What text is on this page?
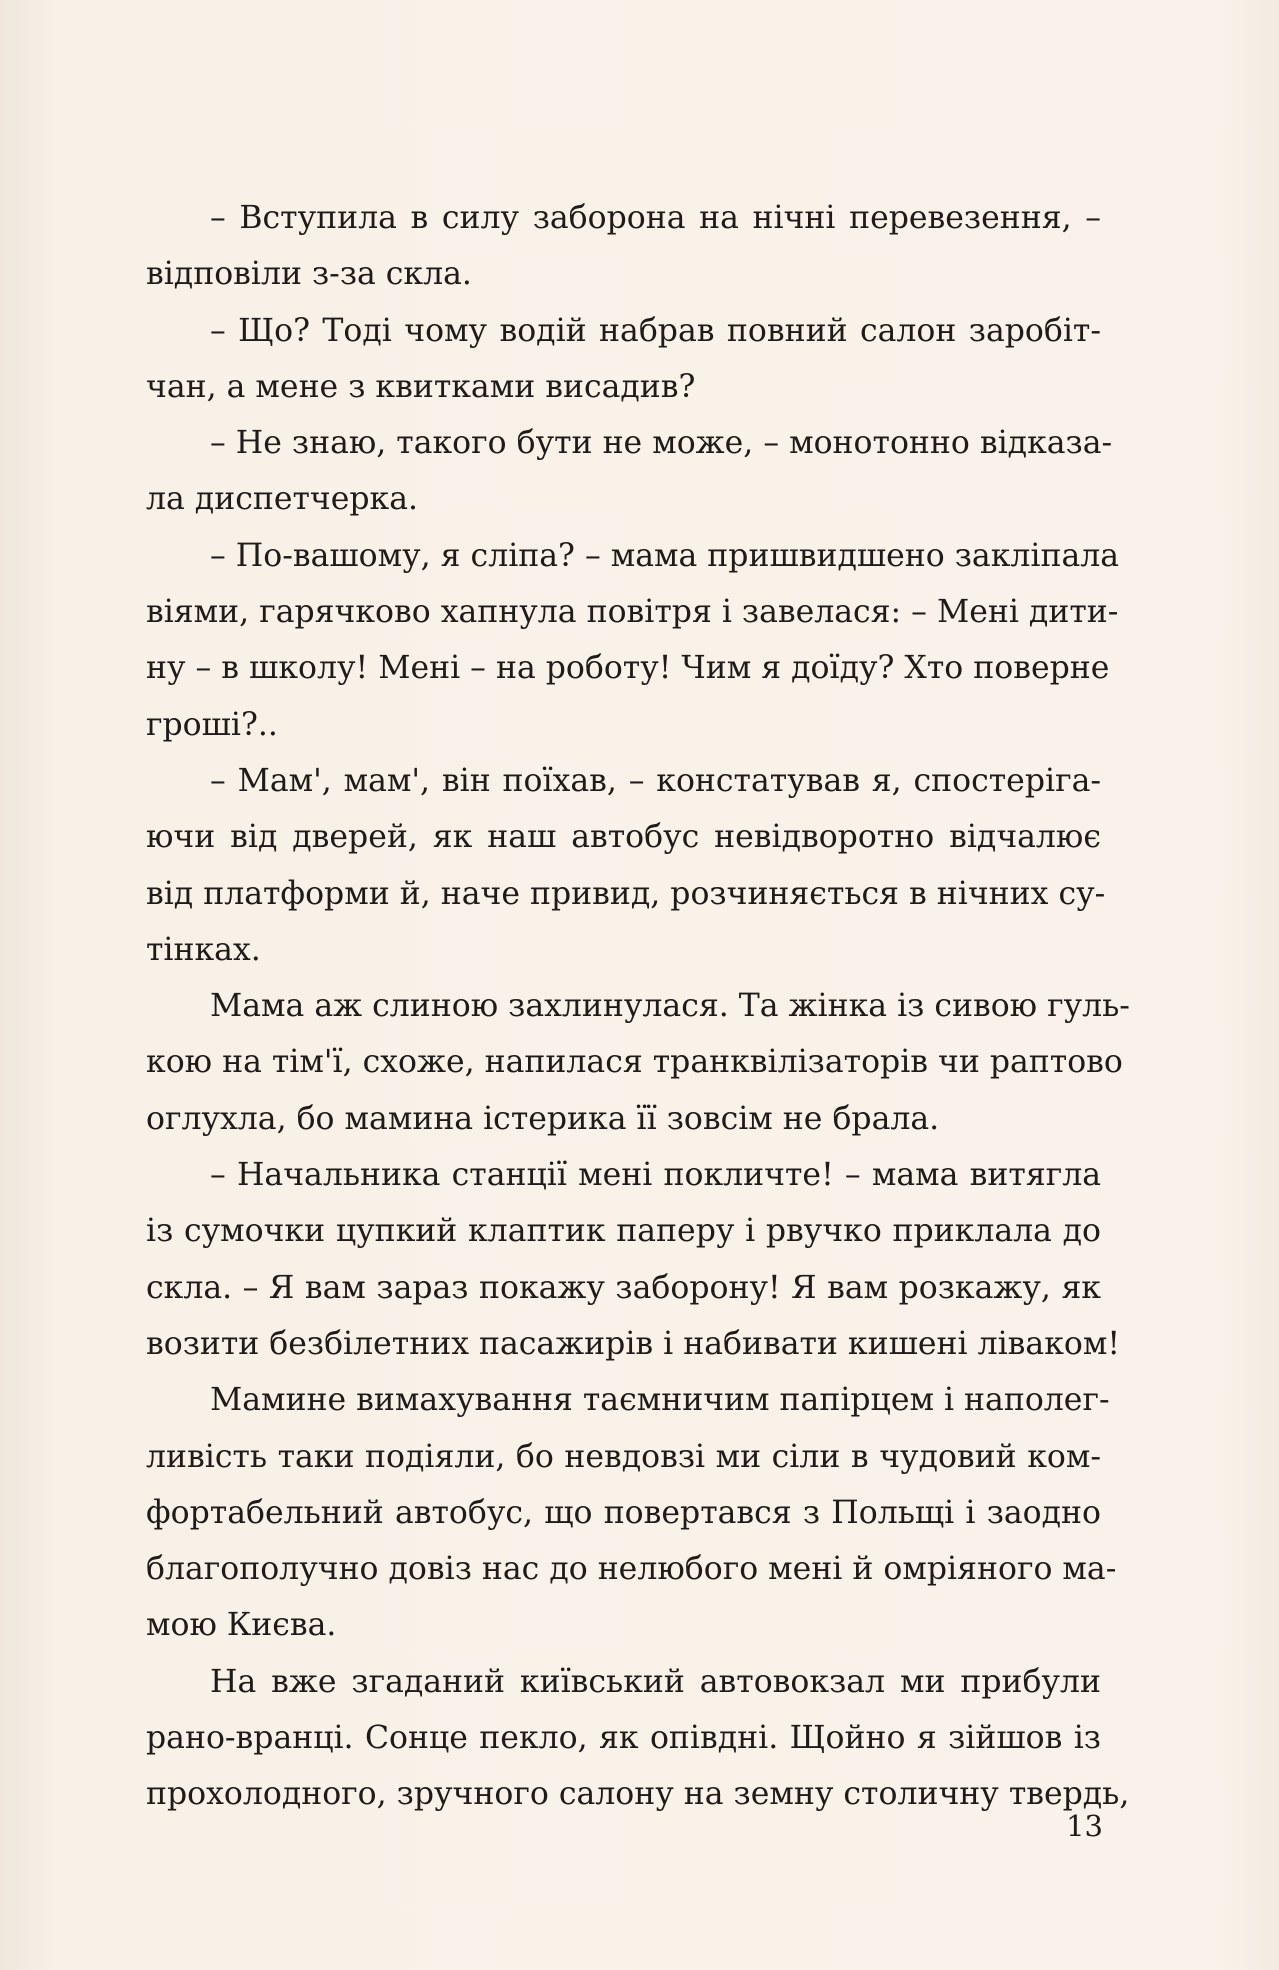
– Вступила в силу заборона на нічні перевезення, –
відповіли з-за скла.
– Що? Тоді чому водій набрав повний салон заробіт-
чан, а мене з квитками висадив?
– Не знаю, такого бути не може, – монотонно відказа-
ла диспетчерка.
– По-вашому, я сліпа? – мама пришвидшено закліпала
віями, гарячково хапнула повітря і завелася: – Мені дити-
ну – в школу! Мені – на роботу! Чим я доїду? Хто поверне
гроші?..
– Мам', мам', він поїхав, – констатував я, спостеріга-
ючи від дверей, як наш автобус невідворотно відчалює
від платформи й, наче привид, розчиняється в нічних су-
тінках.
Мама аж слиною захлинулася. Та жінка із сивою гуль-
кою на тім'ї, схоже, напилася транквілізаторів чи раптово
оглухла, бо мамина істерика її зовсім не брала.
– Начальника станції мені покличте! – мама витягла
із сумочки цупкий клаптик паперу і рвучко приклала до
скла. – Я вам зараз покажу заборону! Я вам розкажу, як
возити безбілетних пасажирів і набивати кишені ліваком!
Мамине вимахування таємничим папірцем і наполег-
ливість таки подіяли, бо невдовзі ми сіли в чудовий ком-
фортабельний автобус, що повертався з Польщі і заодно
благополучно довіз нас до нелюбого мені й омріяного ма-
мою Києва.
На вже згаданий київський автовокзал ми прибули
рано-вранці. Сонце пекло, як опівдні. Щойно я зійшов із
прохолодного, зручного салону на земну столичну твердь,
13
